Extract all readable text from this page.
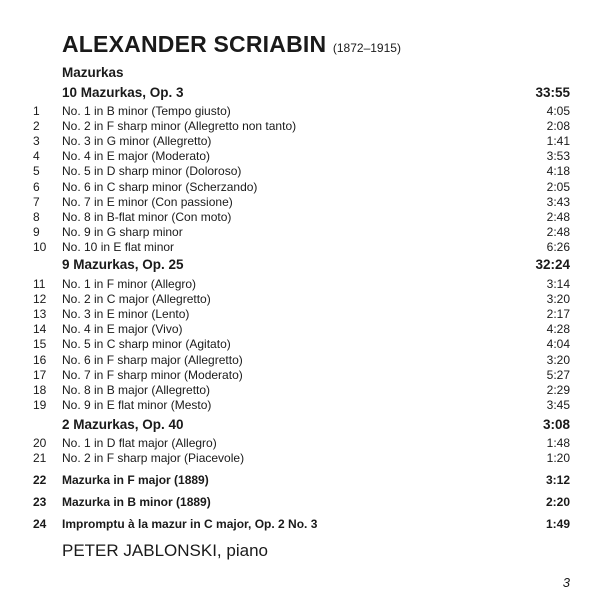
ALEXANDER SCRIABIN (1872–1915)
Mazurkas
10 Mazurkas, Op. 3	33:55
1 No. 1 in B minor (Tempo giusto)	4:05
2 No. 2 in F sharp minor (Allegretto non tanto)	2:08
3 No. 3 in G minor (Allegretto)	1:41
4 No. 4 in E major (Moderato)	3:53
5 No. 5 in D sharp minor (Doloroso)	4:18
6 No. 6 in C sharp minor (Scherzando)	2:05
7 No. 7 in E minor (Con passione)	3:43
8 No. 8 in B-flat minor (Con moto)	2:48
9 No. 9 in G sharp minor	2:48
10 No. 10 in E flat minor	6:26
9 Mazurkas, Op. 25	32:24
11 No. 1 in F minor (Allegro)	3:14
12 No. 2 in C major (Allegretto)	3:20
13 No. 3 in E minor (Lento)	2:17
14 No. 4 in E major (Vivo)	4:28
15 No. 5 in C sharp minor (Agitato)	4:04
16 No. 6 in F sharp major (Allegretto)	3:20
17 No. 7 in F sharp minor (Moderato)	5:27
18 No. 8 in B major (Allegretto)	2:29
19 No. 9 in E flat minor (Mesto)	3:45
2 Mazurkas, Op. 40	3:08
20 No. 1 in D flat major (Allegro)	1:48
21 No. 2 in F sharp major (Piacevole)	1:20
22 Mazurka in F major (1889)	3:12
23 Mazurka in B minor (1889)	2:20
24 Impromptu à la mazur in C major, Op. 2 No. 3	1:49
PETER JABLONSKI, piano
3
